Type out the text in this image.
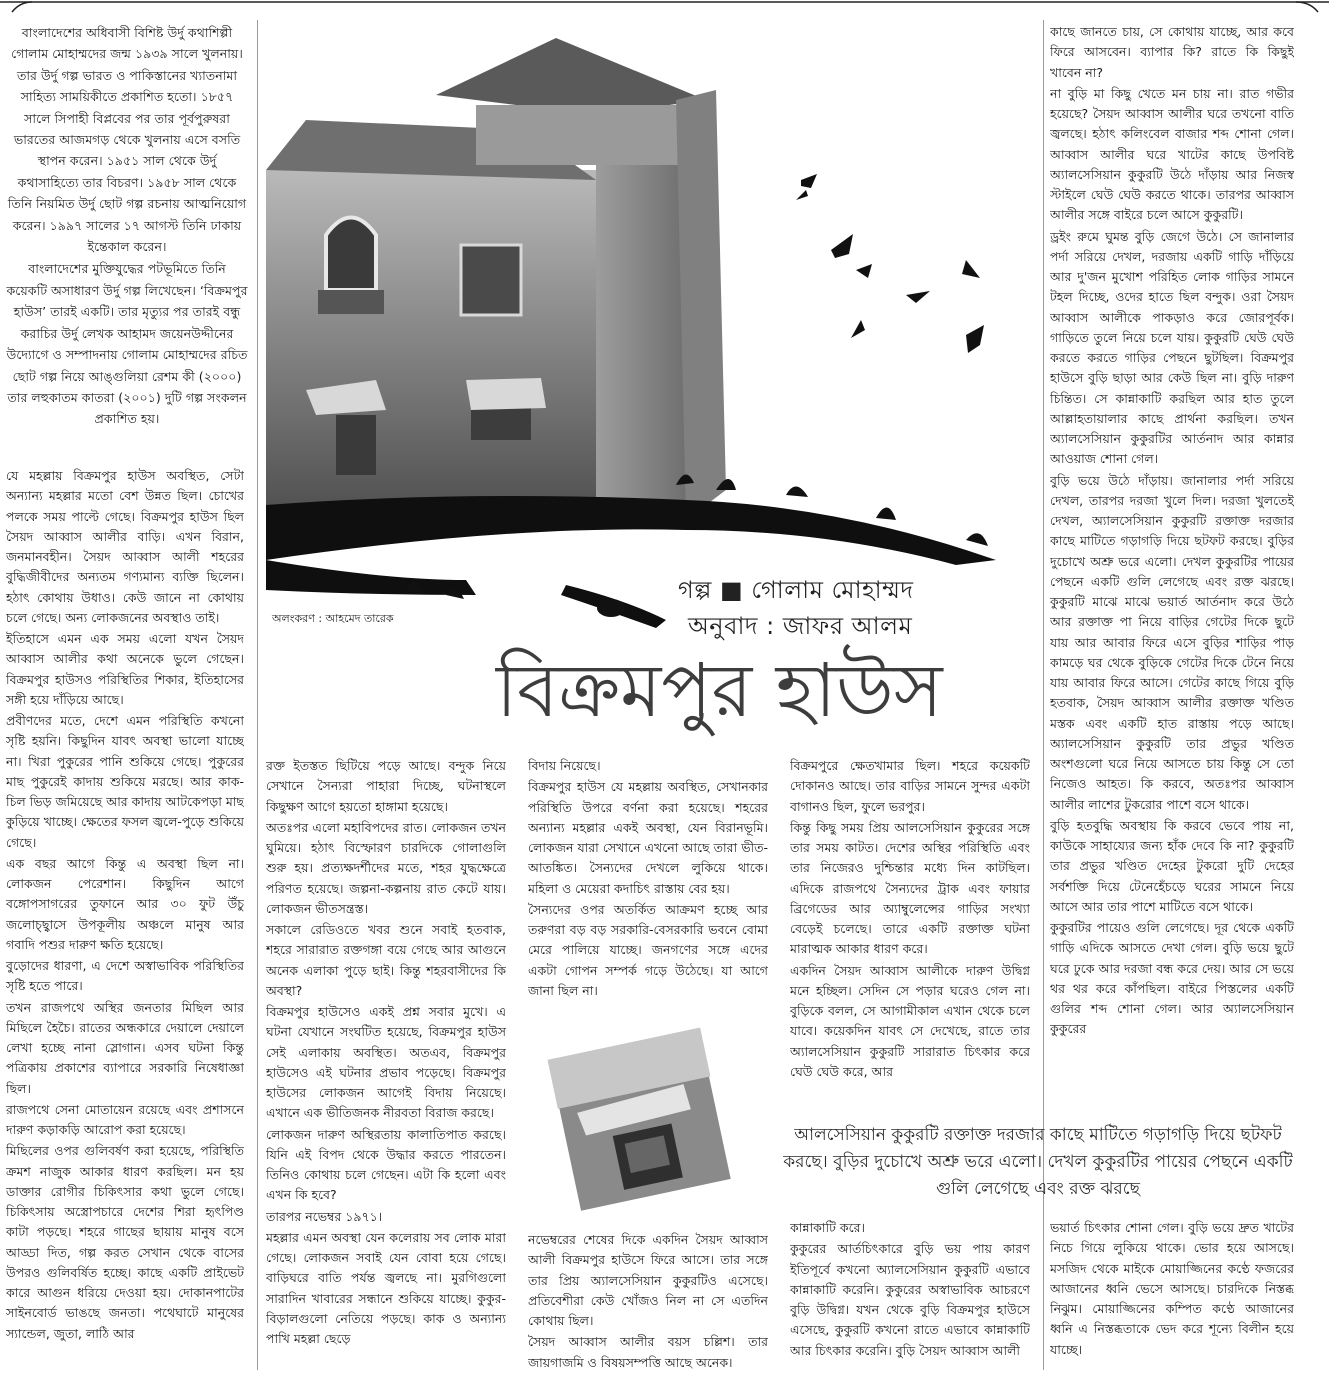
বাংলাদেশের অধিবাসী বিশিষ্ট উর্দু কথাশিল্পী গোলাম মোহাম্মদের জন্ম ১৯৩৯ সালে খুলনায়। তার উর্দু গল্প ভারত ও পাকিস্তানের খ্যাতনামা সাহিত্য সাময়িকীতে প্রকাশিত হতো। ১৮৫৭ সালে সিপাহী বিপ্লবের পর তার পূর্বপুরুষরা ভারতের আজমগড় থেকে খুলনায় এসে বসতি স্থাপন করেন। ১৯৫১ সাল থেকে উর্দু কথাসাহিত্যে তার বিচরণ। ১৯৫৮ সাল থেকে তিনি নিয়মিত উর্দু ছোট গল্প রচনায় আত্মনিয়োগ করেন। ১৯৯৭ সালের ১৭ আগস্ট তিনি ঢাকায় ইন্তেকাল করেন।

বাংলাদেশের মুক্তিযুদ্ধের পটভূমিতে তিনি কয়েকটি অসাধারণ উর্দু গল্প লিখেছেন। ‘বিক্রমপুর হাউস’ তারই একটি। তার মৃত্যুর পর তারই বন্ধু করাচির উর্দু লেখক আহামদ জয়েনউদ্দীনের উদ্যোগে ও সম্পাদনায় গোলাম মোহাম্মদের রচিত ছোট গল্প নিয়ে আঙ্গুলিয়া রেশম কী (২০০০) তার লহুকাতম কাতরা (২০০১) দুটি গল্প সংকলন প্রকাশিত হয়।

গল্প ■ গোলাম মোহাম্মদ
অনুবাদ : জাফর আলম
অলংকরণ : আহমেদ তারেক
বিক্রমপুর হাউস

যে মহল্লায় বিক্রমপুর হাউস অবস্থিত, সেটা অন্যান্য মহল্লার মতো বেশ উন্নত ছিল। চোখের পলকে সময় পাল্টে গেছে। বিক্রমপুর হাউস ছিল সৈয়দ আব্বাস আলীর বাড়ি। এখন বিরান, জনমানবহীন। সৈয়দ আব্বাস আলী শহরের বুদ্ধিজীবীদের অন্যতম গণ্যমান্য ব্যক্তি ছিলেন। হঠাৎ কোথায় উধাও। কেউ জানে না কোথায় চলে গেছে। অন্য লোকজনের অবস্থাও তাই।

ইতিহাসে এমন এক সময় এলো যখন সৈয়দ আব্বাস আলীর কথা অনেকে ভুলে গেছেন। বিক্রমপুর হাউসও পরিস্থিতির শিকার, ইতিহাসের সঙ্গী হয়ে দাঁড়িয়ে আছে।

প্রবীণদের মতে, দেশে এমন পরিস্থিতি কখনো সৃষ্টি হয়নি। কিছুদিন যাবৎ অবস্থা ভালো যাচ্ছে না। খিরা পুকুরের পানি শুকিয়ে গেছে। পুকুরের মাছ পুকুরেই কাদায় শুকিয়ে মরছে। আর কাক-চিল ভিড় জমিয়েছে আর কাদায় আটকেপড়া মাছ কুড়িয়ে খাচ্ছে। ক্ষেতের ফসল জ্বলে-পুড়ে শুকিয়ে গেছে।

এক বছর আগে কিন্তু এ অবস্থা ছিল না। লোকজন পেরেশান। কিছুদিন আগে বঙ্গোপসাগরের তুফানে আর ৩০ ফুট উঁচু জলোচ্ছ্বাসে উপকূলীয় অঞ্চলে মানুষ আর গবাদি পশুর দারুণ ক্ষতি হয়েছে।

বুড়োদের ধারণা, এ দেশে অস্বাভাবিক পরিস্থিতির সৃষ্টি হতে পারে।

তখন রাজপথে অস্থির জনতার মিছিল আর মিছিলে হৈচৈ। রাতের অন্ধকারে দেয়ালে দেয়ালে লেখা হচ্ছে নানা স্লোগান। এসব ঘটনা কিন্তু পত্রিকায় প্রকাশের ব্যাপারে সরকারি নিষেধাজ্ঞা ছিল।

রাজপথে সেনা মোতায়েন রয়েছে এবং প্রশাসনে দারুণ কড়াকড়ি আরোপ করা হয়েছে।

মিছিলের ওপর গুলিবর্ষণ করা হয়েছে, পরিস্থিতি ক্রমশ নাজুক আকার ধারণ করছিল। মন হয় ডাক্তার রোগীর চিকিৎসার কথা ভুলে গেছে। চিকিৎসায় অস্ত্রোপচারে দেশের শিরা হৃৎপিণ্ড কাটা পড়ছে। শহরে গাছের ছায়ায় মানুষ বসে আড্ডা দিত, গল্প করত সেখান থেকে বাসের উপরও গুলিবর্ষিত হচ্ছে। কাছে একটি প্রাইভেট কারে আগুন ধরিয়ে দেওয়া হয়। দোকানপাটের সাইনবোর্ড ভাঙছে জনতা। পথেঘাটে মানুষের স্যান্ডেল, জুতা, লাঠি আর

রক্ত ইতস্তত ছিটিয়ে পড়ে আছে। বন্দুক নিয়ে সেখানে সৈন্যরা পাহারা দিচ্ছে, ঘটনাস্থলে কিছুক্ষণ আগে হয়তো হাঙ্গামা হয়েছে।

অতঃপর এলো মহাবিপদের রাত। লোকজন তখন ঘুমিয়ে। হঠাৎ বিস্ফোরণ চারদিকে গোলাগুলি শুরু হয়। প্রত্যক্ষদর্শীদের মতে, শহর যুদ্ধক্ষেত্রে পরিণত হয়েছে। জল্পনা-কল্পনায় রাত কেটে যায়। লোকজন ভীতসন্ত্রস্ত।

সকালে রেডিওতে খবর শুনে সবাই হতবাক, শহরে সারারাত রক্তগঙ্গা বয়ে গেছে আর আগুনে অনেক এলাকা পুড়ে ছাই। কিন্তু শহরবাসীদের কি অবস্থা?

বিক্রমপুর হাউসেও একই প্রশ্ন সবার মুখে। এ ঘটনা যেখানে সংঘটিত হয়েছে, বিক্রমপুর হাউস সেই এলাকায় অবস্থিত। অতএব, বিক্রমপুর হাউসেও এই ঘটনার প্রভাব পড়েছে। বিক্রমপুর হাউসের লোকজন আগেই বিদায় নিয়েছে। এখানে এক ভীতিজনক নীরবতা বিরাজ করছে।

লোকজন দারুণ অস্থিরতায় কালাতিপাত করছে। যিনি এই বিপদ থেকে উদ্ধার করতে পারতেন। তিনিও কোথায় চলে গেছেন। এটা কি হলো এবং এখন কি হবে?

তারপর নভেম্বর ১৯৭১।

মহল্লার এমন অবস্থা যেন কলেরায় সব লোক মারা গেছে। লোকজন সবাই যেন বোবা হয়ে গেছে। বাড়িঘরে বাতি পর্যন্ত জ্বলছে না। মুরগিগুলো সারাদিন খাবারের সন্ধানে শুকিয়ে যাচ্ছে। কুকুর-বিড়ালগুলো নেতিয়ে পড়ছে। কাক ও অন্যান্য পাখি মহল্লা ছেড়ে

বিদায় নিয়েছে।

বিক্রমপুর হাউস যে মহল্লায় অবস্থিত, সেখানকার পরিস্থিতি উপরে বর্ণনা করা হয়েছে। শহরের অন্যান্য মহল্লার একই অবস্থা, যেন বিরানভূমি। লোকজন যারা সেখানে এখনো আছে তারা ভীত-আতঙ্কিত। সৈন্যদের দেখলে লুকিয়ে থাকে। মহিলা ও মেয়েরা কদাচিৎ রাস্তায় বের হয়।

সৈন্যদের ওপর অতর্কিত আক্রমণ হচ্ছে আর তরুণরা বড় বড় সরকারি-বেসরকারি ভবনে বোমা মেরে পালিয়ে যাচ্ছে। জনগণের সঙ্গে এদের একটা গোপন সম্পর্ক গড়ে উঠেছে। যা আগে জানা ছিল না।

নভেম্বরের শেষের দিকে একদিন সৈয়দ আব্বাস আলী বিক্রমপুর হাউসে ফিরে আসে। তার সঙ্গে তার প্রিয় অ্যালসেসিয়ান কুকুরটিও এসেছে। প্রতিবেশীরা কেউ খোঁজও নিল না সে এতদিন কোথায় ছিল।

সৈয়দ আব্বাস আলীর বয়স চল্লিশ। তার জায়গাজমি ও বিষয়সম্পত্তি আছে অনেক।

বিক্রমপুরে ক্ষেতখামার ছিল। শহরে কয়েকটি দোকানও আছে। তার বাড়ির সামনে সুন্দর একটা বাগানও ছিল, ফুলে ভরপুর।

কিন্তু কিছু সময় প্রিয় আলসেসিয়ান কুকুরের সঙ্গে তার সময় কাটত। দেশের অস্থির পরিস্থিতি এবং তার নিজেরও দুশ্চিন্তার মধ্যে দিন কাটছিল। এদিকে রাজপথে সৈন্যদের ট্রাক এবং ফায়ার ব্রিগেডের আর অ্যাম্বুলেন্সের গাড়ির সংখ্যা বেড়েই চলেছে। তারে একটি রক্তাক্ত ঘটনা মারাত্মক আকার ধারণ করে।

একদিন সৈয়দ আব্বাস আলীকে দারুণ উদ্বিগ্ন মনে হচ্ছিল। সেদিন সে পড়ার ঘরেও গেল না। বুড়িকে বলল, সে আগামীকাল এখান থেকে চলে যাবে। কয়েকদিন যাবৎ সে দেখেছে, রাতে তার অ্যালসেসিয়ান কুকুরটি সারারাত চিৎকার করে ঘেউ ঘেউ করে, আর

আলসেসিয়ান কুকুরটি রক্তাক্ত দরজার কাছে মাটিতে গড়াগড়ি দিয়ে ছটফট করছে। বুড়ির দুচোখে অশ্রু ভরে এলো। দেখল কুকুরটির পায়ের পেছনে একটি গুলি লেগেছে এবং রক্ত ঝরছে

কান্নাকাটি করে।

কুকুরের আর্তচিৎকারে বুড়ি ভয় পায় কারণ ইতিপূর্বে কখনো অ্যালসেসিয়ান কুকুরটি এভাবে কান্নাকাটি করেনি। কুকুরের অস্বাভাবিক আচরণে বুড়ি উদ্বিগ্ন। যখন থেকে বুড়ি বিক্রমপুর হাউসে এসেছে, কুকুরটি কখনো রাতে এভাবে কান্নাকাটি আর চিৎকার করেনি। বুড়ি সৈয়দ আব্বাস আলী

কাছে জানতে চায়, সে কোথায় যাচ্ছে, আর কবে ফিরে আসবেন। ব্যাপার কি? রাতে কি কিছুই খাবেন না?

না বুড়ি মা কিছু খেতে মন চায় না। রাত গভীর হয়েছে? সৈয়দ আব্বাস আলীর ঘরে তখনো বাতি জ্বলছে। হঠাৎ কলিংবেল বাজার শব্দ শোনা গেল। আব্বাস আলীর ঘরে খাটের কাছে উপবিষ্ট অ্যালসেসিয়ান কুকুরটি উঠে দাঁড়ায় আর নিজস্ব স্টাইলে ঘেউ ঘেউ করতে থাকে। তারপর আব্বাস আলীর সঙ্গে বাইরে চলে আসে কুকুরটি।

ড্রইং রুমে ঘুমন্ত বুড়ি জেগে উঠে। সে জানালার পর্দা সরিয়ে দেখল, দরজায় একটি গাড়ি দাঁড়িয়ে আর দু'জন মুখোশ পরিহিত লোক গাড়ির সামনে টহল দিচ্ছে, ওদের হাতে ছিল বন্দুক। ওরা সৈয়দ আব্বাস আলীকে পাকড়াও করে জোরপূর্বক। গাড়িতে তুলে নিয়ে চলে যায়। কুকুরটি ঘেউ ঘেউ করতে করতে গাড়ির পেছনে ছুটছিল। বিক্রমপুর হাউসে বুড়ি ছাড়া আর কেউ ছিল না। বুড়ি দারুণ চিন্তিত। সে কান্নাকাটি করছিল আর হাত তুলে আল্লাহতায়ালার কাছে প্রার্থনা করছিল। তখন অ্যালসেসিয়ান কুকুরটির আর্তনাদ আর কান্নার আওয়াজ শোনা গেল।

বুড়ি ভয়ে উঠে দাঁড়ায়। জানালার পর্দা সরিয়ে দেখল, তারপর দরজা খুলে দিল। দরজা খুলতেই দেখল, অ্যালসেসিয়ান কুকুরটি রক্তাক্ত দরজার কাছে মাটিতে গড়াগড়ি দিয়ে ছটফট করছে। বুড়ির দুচোখে অশ্রু ভরে এলো। দেখল কুকুরটির পায়ের পেছনে একটি গুলি লেগেছে এবং রক্ত ঝরছে। কুকুরটি মাঝে মাঝে ভয়ার্ত আর্তনাদ করে উঠে আর রক্তাক্ত পা নিয়ে বাড়ির গেটের দিকে ছুটে যায় আর আবার ফিরে এসে বুড়ির শাড়ির পাড় কামড়ে ঘর থেকে বুড়িকে গেটের দিকে টেনে নিয়ে যায় আবার ফিরে আসে। গেটের কাছে গিয়ে বুড়ি হতবাক, সৈয়দ আব্বাস আলীর রক্তাক্ত খণ্ডিত মস্তক এবং একটি হাত রাস্তায় পড়ে আছে। অ্যালসেসিয়ান কুকুরটি তার প্রভুর খণ্ডিত অংশগুলো ঘরে নিয়ে আসতে চায় কিন্তু সে তো নিজেও আহত। কি করবে, অতঃপর আব্বাস আলীর লাশের টুকরোর পাশে বসে থাকে।

বুড়ি হতবুদ্ধি অবস্থায় কি করবে ভেবে পায় না, কাউকে সাহায্যের জন্য হাঁক দেবে কি না? কুকুরটি তার প্রভুর খণ্ডিত দেহের টুকরো দুটি দেহের সর্বশক্তি দিয়ে টেনেহেঁচড়ে ঘরের সামনে নিয়ে আসে আর তার পাশে মাটিতে বসে থাকে।

কুকুরটির পায়েও গুলি লেগেছে। দূর থেকে একটি গাড়ি এদিকে আসতে দেখা গেল। বুড়ি ভয়ে ছুটে ঘরে ঢুকে আর দরজা বন্ধ করে দেয়। আর সে ভয়ে থর থর করে কাঁপছিল। বাইরে পিস্তলের একটি গুলির শব্দ শোনা গেল। আর অ্যালসেসিয়ান কুকুরের

ভয়ার্ত চিৎকার শোনা গেল। বুড়ি ভয়ে দ্রুত খাটের নিচে গিয়ে লুকিয়ে থাকে। ভোর হয়ে আসছে। মসজিদ থেকে মাইকে মোয়াজ্জিনের কণ্ঠে ফজরের আজানের ধ্বনি ভেসে আসছে। চারদিকে নিস্তব্ধ নিঝুম। মোয়াজ্জিনের কম্পিত কণ্ঠে আজানের ধ্বনি এ নিস্তব্ধতাকে ভেদ করে শূন্যে বিলীন হয়ে যাচ্ছে।
